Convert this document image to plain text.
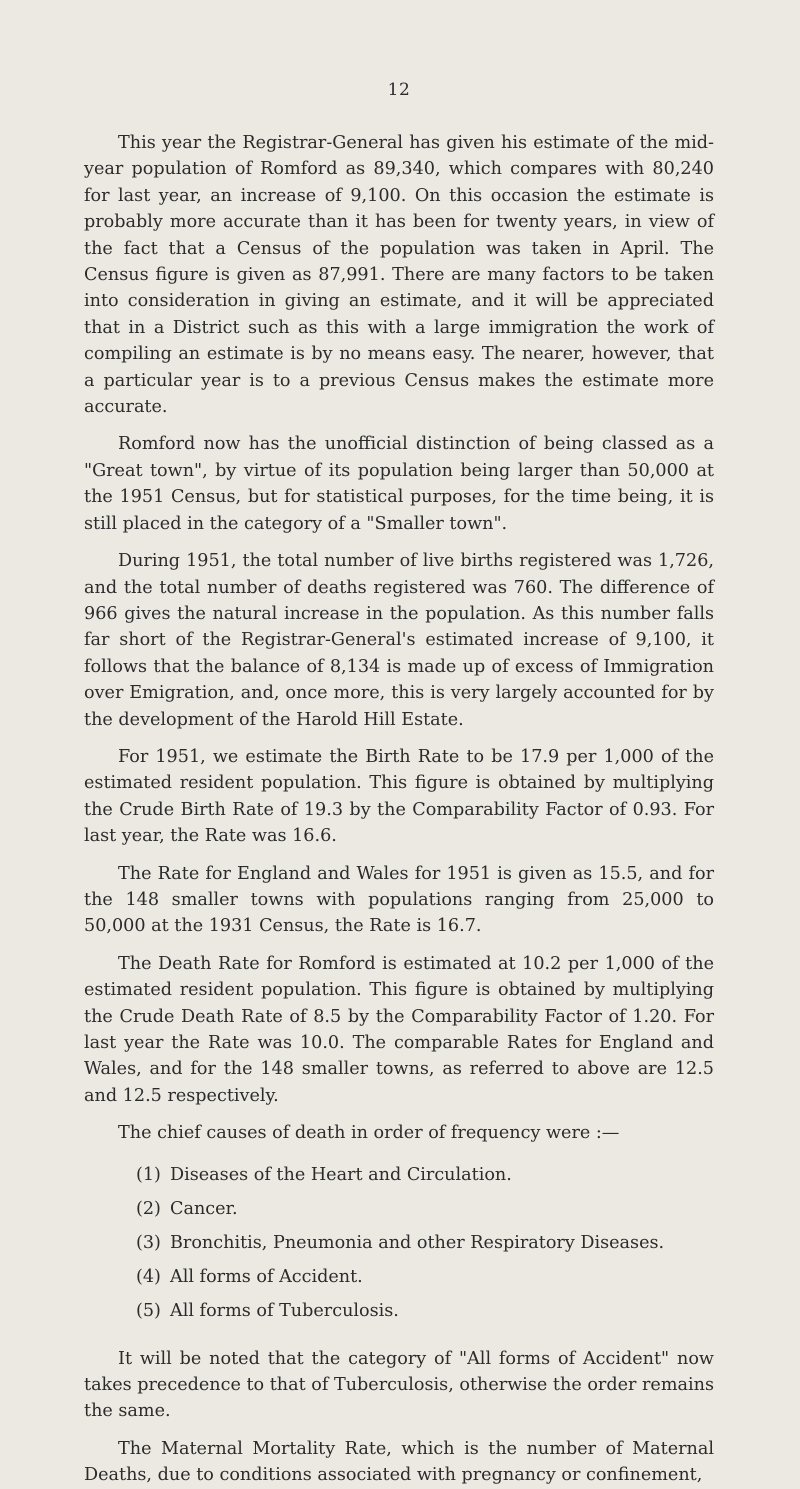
12

This year the Registrar-General has given his estimate of the mid-year population of Romford as 89,340, which compares with 80,240 for last year, an increase of 9,100. On this occasion the estimate is probably more accurate than it has been for twenty years, in view of the fact that a Census of the population was taken in April. The Census figure is given as 87,991. There are many factors to be taken into consideration in giving an estimate, and it will be appreciated that in a District such as this with a large immigration the work of compiling an estimate is by no means easy. The nearer, however, that a particular year is to a previous Census makes the estimate more accurate.

Romford now has the unofficial distinction of being classed as a "Great town", by virtue of its population being larger than 50,000 at the 1951 Census, but for statistical purposes, for the time being, it is still placed in the category of a "Smaller town".

During 1951, the total number of live births registered was 1,726, and the total number of deaths registered was 760. The difference of 966 gives the natural increase in the population. As this number falls far short of the Registrar-General's estimated increase of 9,100, it follows that the balance of 8,134 is made up of excess of Immigration over Emigration, and, once more, this is very largely accounted for by the development of the Harold Hill Estate.

For 1951, we estimate the Birth Rate to be 17.9 per 1,000 of the estimated resident population. This figure is obtained by multiplying the Crude Birth Rate of 19.3 by the Comparability Factor of 0.93. For last year, the Rate was 16.6.

The Rate for England and Wales for 1951 is given as 15.5, and for the 148 smaller towns with populations ranging from 25,000 to 50,000 at the 1931 Census, the Rate is 16.7.

The Death Rate for Romford is estimated at 10.2 per 1,000 of the estimated resident population. This figure is obtained by multiplying the Crude Death Rate of 8.5 by the Comparability Factor of 1.20. For last year the Rate was 10.0. The comparable Rates for England and Wales, and for the 148 smaller towns, as referred to above are 12.5 and 12.5 respectively.

The chief causes of death in order of frequency were :—

(1) Diseases of the Heart and Circulation.
(2) Cancer.
(3) Bronchitis, Pneumonia and other Respiratory Diseases.
(4) All forms of Accident.
(5) All forms of Tuberculosis.

It will be noted that the category of "All forms of Accident" now takes precedence to that of Tuberculosis, otherwise the order remains the same.

The Maternal Mortality Rate, which is the number of Maternal Deaths, due to conditions associated with pregnancy or confinement,
